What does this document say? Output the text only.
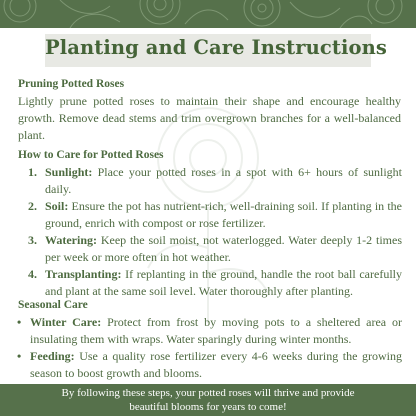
Planting and Care Instructions
Pruning Potted Roses
Lightly prune potted roses to maintain their shape and encourage healthy growth. Remove dead stems and trim overgrown branches for a well-balanced plant.
How to Care for Potted Roses
1. Sunlight: Place your potted roses in a spot with 6+ hours of sunlight daily.
2. Soil: Ensure the pot has nutrient-rich, well-draining soil. If planting in the ground, enrich with compost or rose fertilizer.
3. Watering: Keep the soil moist, not waterlogged. Water deeply 1-2 times per week or more often in hot weather.
4. Transplanting: If replanting in the ground, handle the root ball carefully and plant at the same soil level. Water thoroughly after planting.
Seasonal Care
• Winter Care: Protect from frost by moving pots to a sheltered area or insulating them with wraps. Water sparingly during winter months.
• Feeding: Use a quality rose fertilizer every 4-6 weeks during the growing season to boost growth and blooms.
By following these steps, your potted roses will thrive and provide
beautiful blooms for years to come!
